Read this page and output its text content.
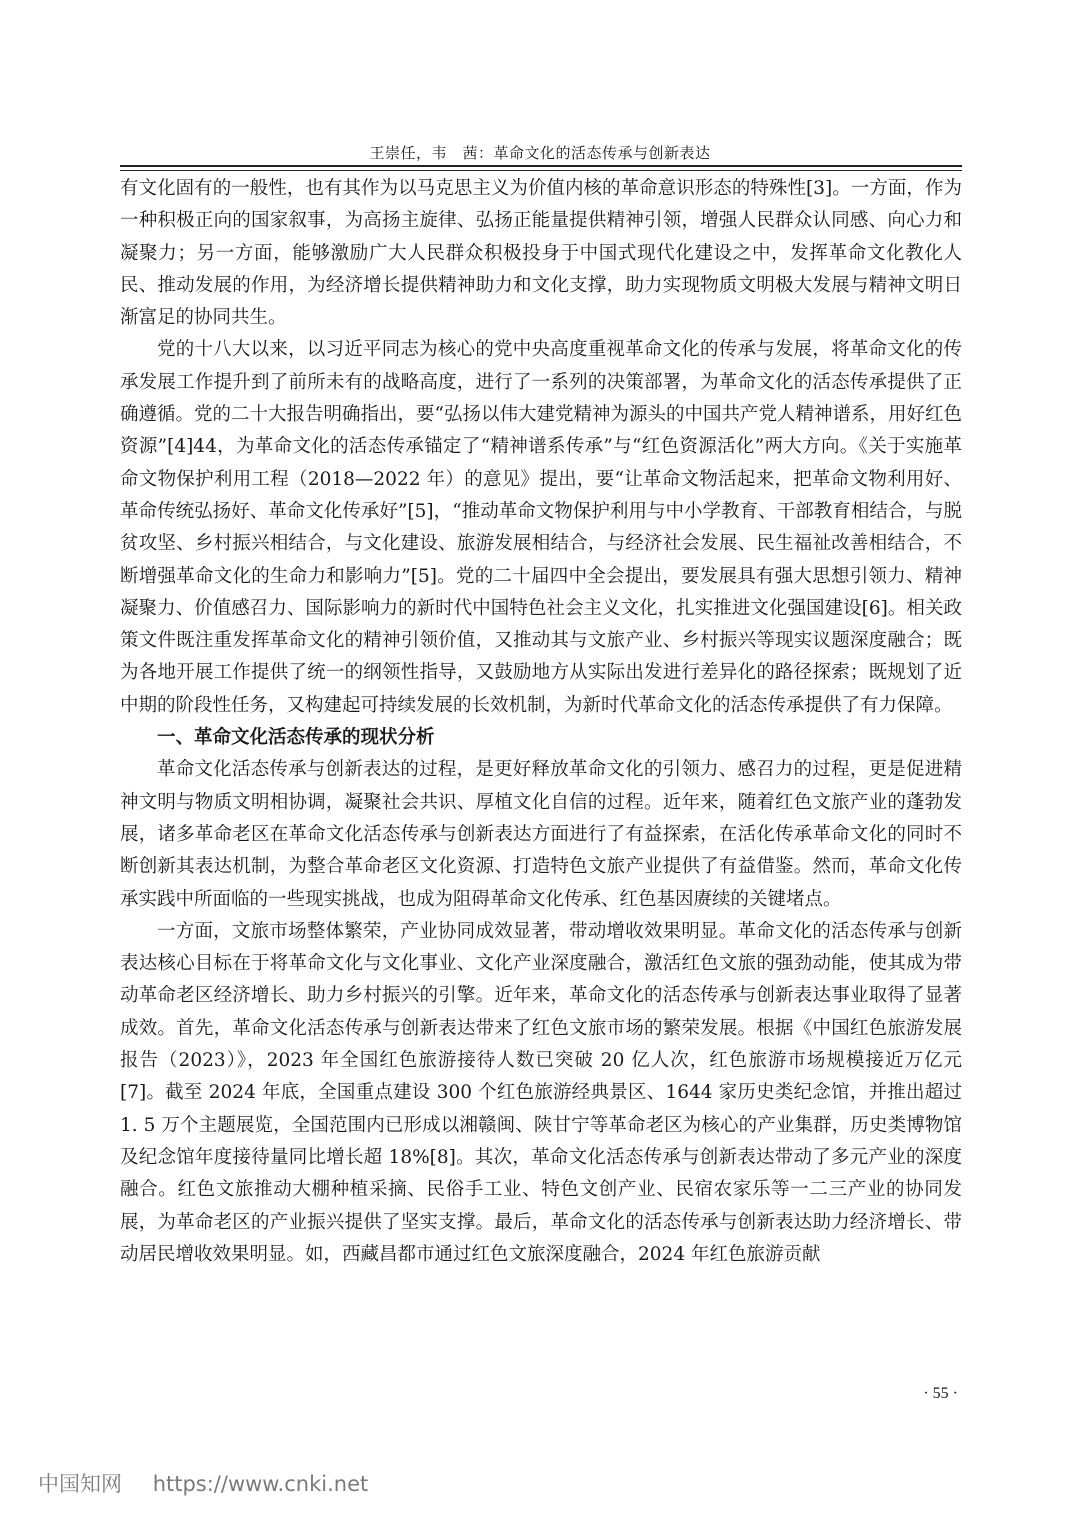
王崇任，韦　茜：革命文化的活态传承与创新表达

有文化固有的一般性，也有其作为以马克思主义为价值内核的革命意识形态的特殊性[3]。一方面，作为一种积极正向的国家叙事，为高扬主旋律、弘扬正能量提供精神引领，增强人民群众认同感、向心力和凝聚力；另一方面，能够激励广大人民群众积极投身于中国式现代化建设之中，发挥革命文化教化人民、推动发展的作用，为经济增长提供精神助力和文化支撑，助力实现物质文明极大发展与精神文明日渐富足的协同共生。

党的十八大以来，以习近平同志为核心的党中央高度重视革命文化的传承与发展，将革命文化的传承发展工作提升到了前所未有的战略高度，进行了一系列的决策部署，为革命文化的活态传承提供了正确遵循。党的二十大报告明确指出，要“弘扬以伟大建党精神为源头的中国共产党人精神谱系，用好红色资源”[4]44，为革命文化的活态传承锚定了“精神谱系传承”与“红色资源活化”两大方向。《关于实施革命文物保护利用工程（2018—2022 年）的意见》提出，要“让革命文物活起来，把革命文物利用好、革命传统弘扬好、革命文化传承好”[5]，“推动革命文物保护利用与中小学教育、干部教育相结合，与脱贫攻坚、乡村振兴相结合，与文化建设、旅游发展相结合，与经济社会发展、民生福祉改善相结合，不断增强革命文化的生命力和影响力”[5]。党的二十届四中全会提出，要发展具有强大思想引领力、精神凝聚力、价值感召力、国际影响力的新时代中国特色社会主义文化，扎实推进文化强国建设[6]。相关政策文件既注重发挥革命文化的精神引领价值，又推动其与文旅产业、乡村振兴等现实议题深度融合；既为各地开展工作提供了统一的纲领性指导，又鼓励地方从实际出发进行差异化的路径探索；既规划了近中期的阶段性任务，又构建起可持续发展的长效机制，为新时代革命文化的活态传承提供了有力保障。

一、革命文化活态传承的现状分析

革命文化活态传承与创新表达的过程，是更好释放革命文化的引领力、感召力的过程，更是促进精神文明与物质文明相协调，凝聚社会共识、厚植文化自信的过程。近年来，随着红色文旅产业的蓬勃发展，诸多革命老区在革命文化活态传承与创新表达方面进行了有益探索，在活化传承革命文化的同时不断创新其表达机制，为整合革命老区文化资源、打造特色文旅产业提供了有益借鉴。然而，革命文化传承实践中所面临的一些现实挑战，也成为阻碍革命文化传承、红色基因赓续的关键堵点。

一方面，文旅市场整体繁荣，产业协同成效显著，带动增收效果明显。革命文化的活态传承与创新表达核心目标在于将革命文化与文化事业、文化产业深度融合，激活红色文旅的强劲动能，使其成为带动革命老区经济增长、助力乡村振兴的引擎。近年来，革命文化的活态传承与创新表达事业取得了显著成效。首先，革命文化活态传承与创新表达带来了红色文旅市场的繁荣发展。根据《中国红色旅游发展报告（2023）》，2023 年全国红色旅游接待人数已突破 20 亿人次，红色旅游市场规模接近万亿元[7]。截至 2024 年底，全国重点建设 300 个红色旅游经典景区、1644 家历史类纪念馆，并推出超过 1. 5 万个主题展览，全国范围内已形成以湘赣闽、陕甘宁等革命老区为核心的产业集群，历史类博物馆及纪念馆年度接待量同比增长超 18%[8]。其次，革命文化活态传承与创新表达带动了多元产业的深度融合。红色文旅推动大棚种植采摘、民俗手工业、特色文创产业、民宿农家乐等一二三产业的协同发展，为革命老区的产业振兴提供了坚实支撑。最后，革命文化的活态传承与创新表达助力经济增长、带动居民增收效果明显。如，西藏昌都市通过红色文旅深度融合，2024 年红色旅游贡献

· 55 ·
中国知网 https://www.cnki.net
